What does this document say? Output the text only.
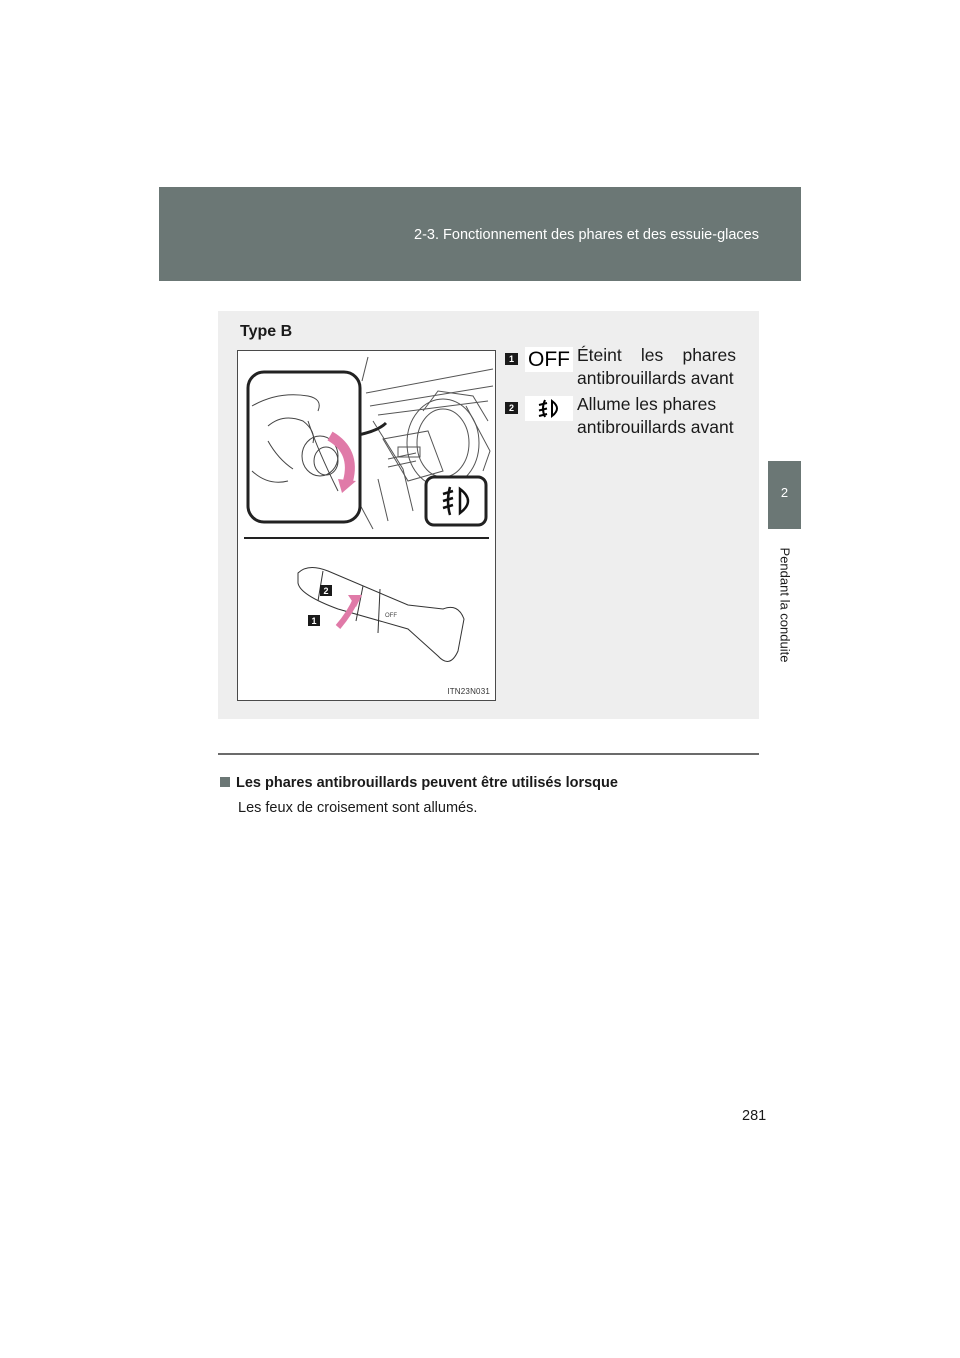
2-3. Fonctionnement des phares et des essuie-glaces
2
Pendant la conduite
Type B
OFF
2
1
ITN23N031
1 OFF Éteint les phares
antibrouillards avant
2	Allume les phares
antibrouillards avant
Les phares antibrouillards peuvent être utilisés lorsque
Les feux de croisement sont allumés.
281
